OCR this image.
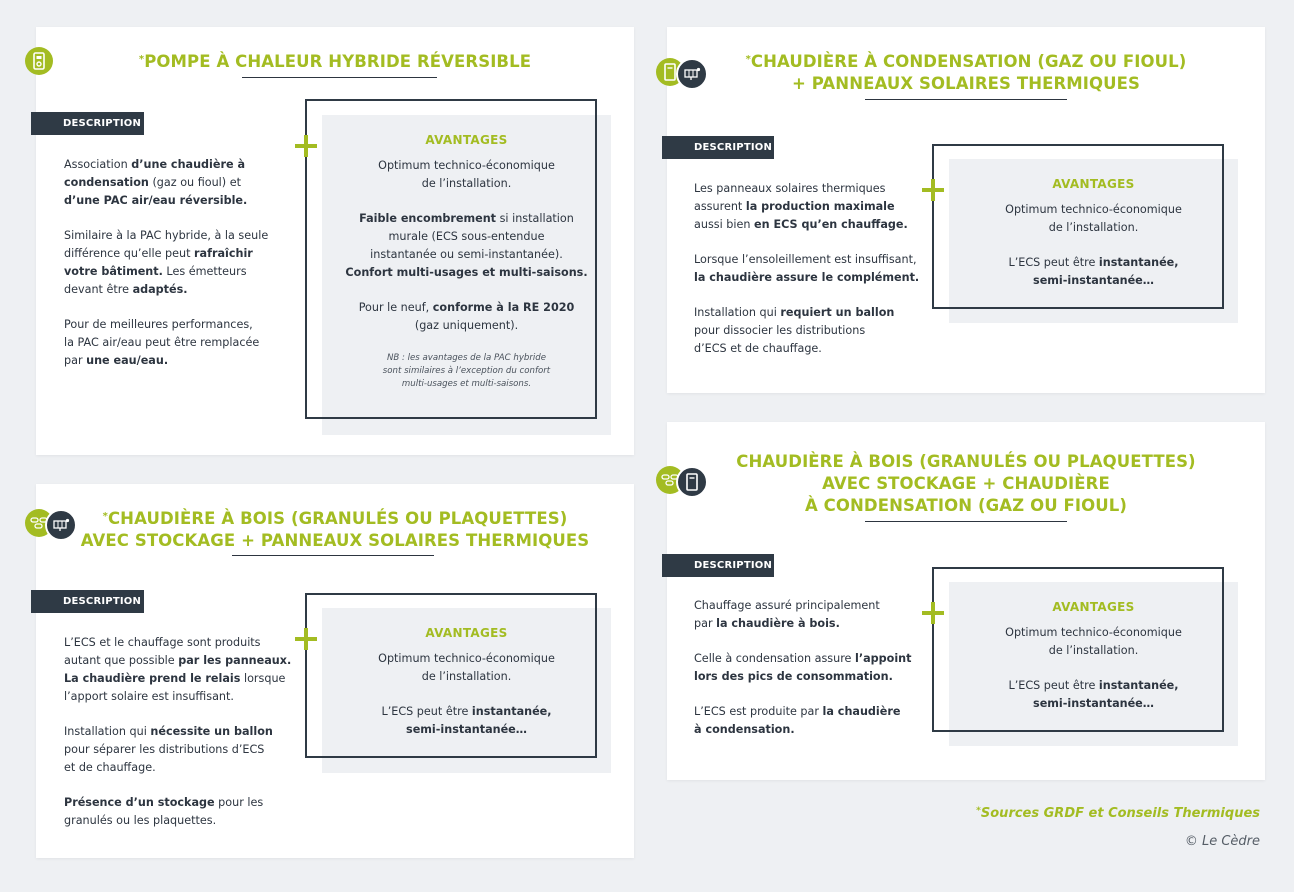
*POMPE À CHALEUR HYBRIDE RÉVERSIBLE
DESCRIPTION

Association d’une chaudière à
condensation (gaz ou fioul) et
d’une PAC air/eau réversible.

Similaire à la PAC hybride, à la seule
différence qu’elle peut rafraîchir
votre bâtiment. Les émetteurs
devant être adaptés.

Pour de meilleures performances,
la PAC air/eau peut être remplacée
par une eau/eau.

AVANTAGES

Optimum technico-économique
de l’installation.

Faible encombrement si installation
murale (ECS sous-entendue
instantanée ou semi-instantanée).
Confort multi-usages et multi-saisons.

Pour le neuf, conforme à la RE 2020
(gaz uniquement).

NB : les avantages de la PAC hybride
sont similaires à l’exception du confort
multi-usages et multi-saisons.
*CHAUDIÈRE À CONDENSATION (GAZ OU FIOUL)
+ PANNEAUX SOLAIRES THERMIQUES
DESCRIPTION

Les panneaux solaires thermiques
assurent la production maximale
aussi bien en ECS qu’en chauffage.

Lorsque l’ensoleillement est insuffisant,
la chaudière assure le complément.

Installation qui requiert un ballon
pour dissocier les distributions
d’ECS et de chauffage.

AVANTAGES

Optimum technico-économique
de l’installation.

L’ECS peut être instantanée,
semi-instantanée…

*CHAUDIÈRE À BOIS (GRANULÉS OU PLAQUETTES)
AVEC STOCKAGE + PANNEAUX SOLAIRES THERMIQUES
DESCRIPTION

L’ECS et le chauffage sont produits
autant que possible par les panneaux.
La chaudière prend le relais lorsque
l’apport solaire est insuffisant.

Installation qui nécessite un ballon
pour séparer les distributions d’ECS
et de chauffage.

Présence d’un stockage pour les
granulés ou les plaquettes.

AVANTAGES

Optimum technico-économique
de l’installation.

L’ECS peut être instantanée,
semi-instantanée…

CHAUDIÈRE À BOIS (GRANULÉS OU PLAQUETTES)
AVEC STOCKAGE + CHAUDIÈRE
À CONDENSATION (GAZ OU FIOUL)
DESCRIPTION

Chauffage assuré principalement
par la chaudière à bois.

Celle à condensation assure l’appoint
lors des pics de consommation.

L’ECS est produite par la chaudière
à condensation.

AVANTAGES

Optimum technico-économique
de l’installation.

L’ECS peut être instantanée,
semi-instantanée…

*Sources GRDF et Conseils Thermiques
© Le Cèdre
